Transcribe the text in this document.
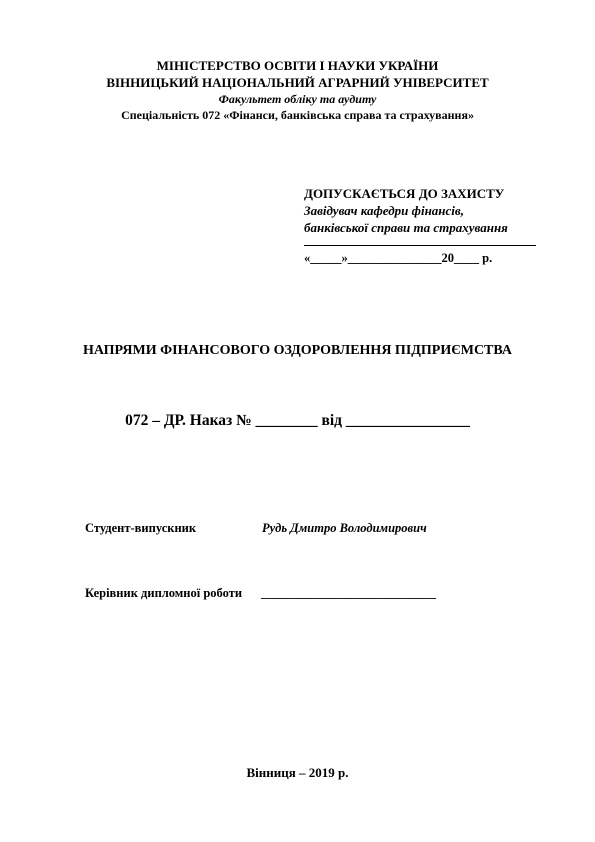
МІНІСТЕРСТВО ОСВІТИ І НАУКИ УКРАЇНИ
ВІННИЦЬКИЙ НАЦІОНАЛЬНИЙ АГРАРНИЙ УНІВЕРСИТЕТ
Факультет обліку та аудиту
Спеціальність 072 «Фінанси, банківська справа та страхування»
ДОПУСКАЄТЬСЯ ДО ЗАХИСТУ
Завідувач кафедри фінансів,
банківської справи та страхування
«_____»_______________20____ р.
НАПРЯМИ ФІНАНСОВОГО ОЗДОРОВЛЕННЯ ПІДПРИЄМСТВА
072 – ДР. Наказ № ________ від ________________
Студент-випускник	Рудь Дмитро Володимирович
Керівник дипломної роботи ____________________________
Вінниця – 2019 р.
